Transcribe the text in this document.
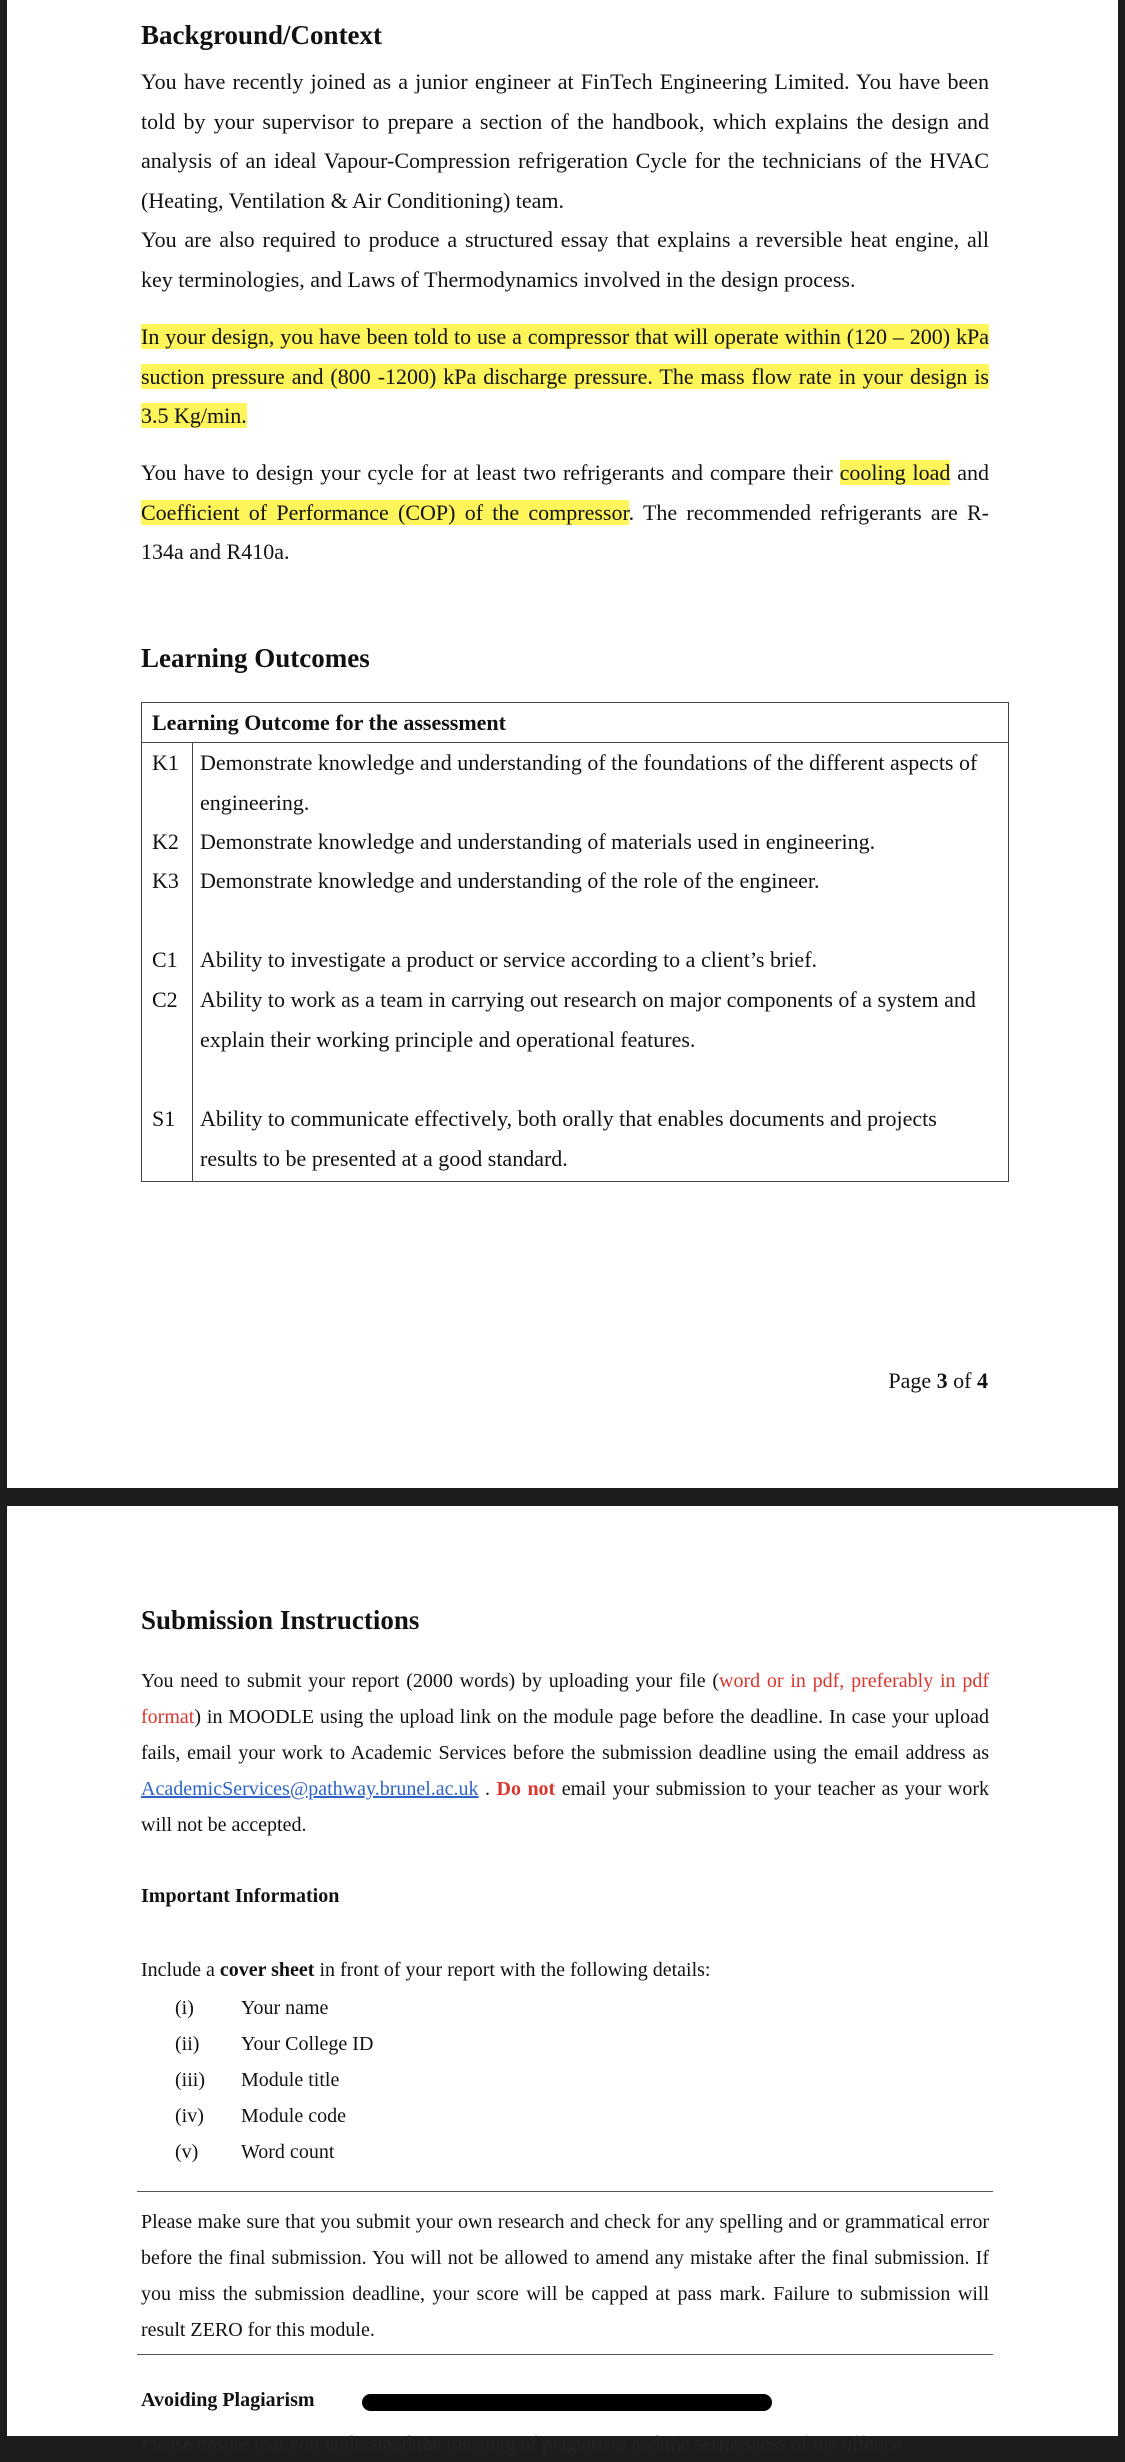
Background/Context

You have recently joined as a junior engineer at FinTech Engineering Limited. You have been told by your supervisor to prepare a section of the handbook, which explains the design and analysis of an ideal Vapour-Compression refrigeration Cycle for the technicians of the HVAC (Heating, Ventilation & Air Conditioning) team.

You are also required to produce a structured essay that explains a reversible heat engine, all key terminologies, and Laws of Thermodynamics involved in the design process.

In your design, you have been told to use a compressor that will operate within (120 – 200) kPa suction pressure and (800 -1200) kPa discharge pressure. The mass flow rate in your design is 3.5 Kg/min.

You have to design your cycle for at least two refrigerants and compare their cooling load and Coefficient of Performance (COP) of the compressor. The recommended refrigerants are R-134a and R410a.

Learning Outcomes
Learning Outcome for the assessment
K1 Demonstrate knowledge and understanding of the foundations of the different aspects of engineering.
K2 Demonstrate knowledge and understanding of materials used in engineering.
K3 Demonstrate knowledge and understanding of the role of the engineer.
C1	Ability to investigate a product or service according to a client’s brief.
C2	Ability to work as a team in carrying out research on major components of a system and explain their working principle and operational features.
S1	Ability to communicate effectively, both orally that enables documents and projects results to be presented at a good standard.
Page 3 of 4
Submission Instructions

You need to submit your report (2000 words) by uploading your file (word or in pdf, preferably in pdf format) in MOODLE using the upload link on the module page before the deadline. In case your upload fails, email your work to Academic Services before the submission deadline using the email address as AcademicServices@pathway.brunel.ac.uk . Do not email your submission to your teacher as your work will not be accepted.

Important Information

Include a cover sheet in front of your report with the following details:

(i) Your name
(ii) Your College ID
(iii) Module title
(iv) Module code
(v) Word count

Please make sure that you submit your own research and check for any spelling and or grammatical error before the final submission. You will not be allowed to amend any mistake after the final submission. If you miss the submission deadline, your score will be capped at pass mark. Failure to submission will result ZERO for this module.

Avoiding Plagiarism
Please ensure that you understand the meaning of plagiarism and the seriousness of the offence
